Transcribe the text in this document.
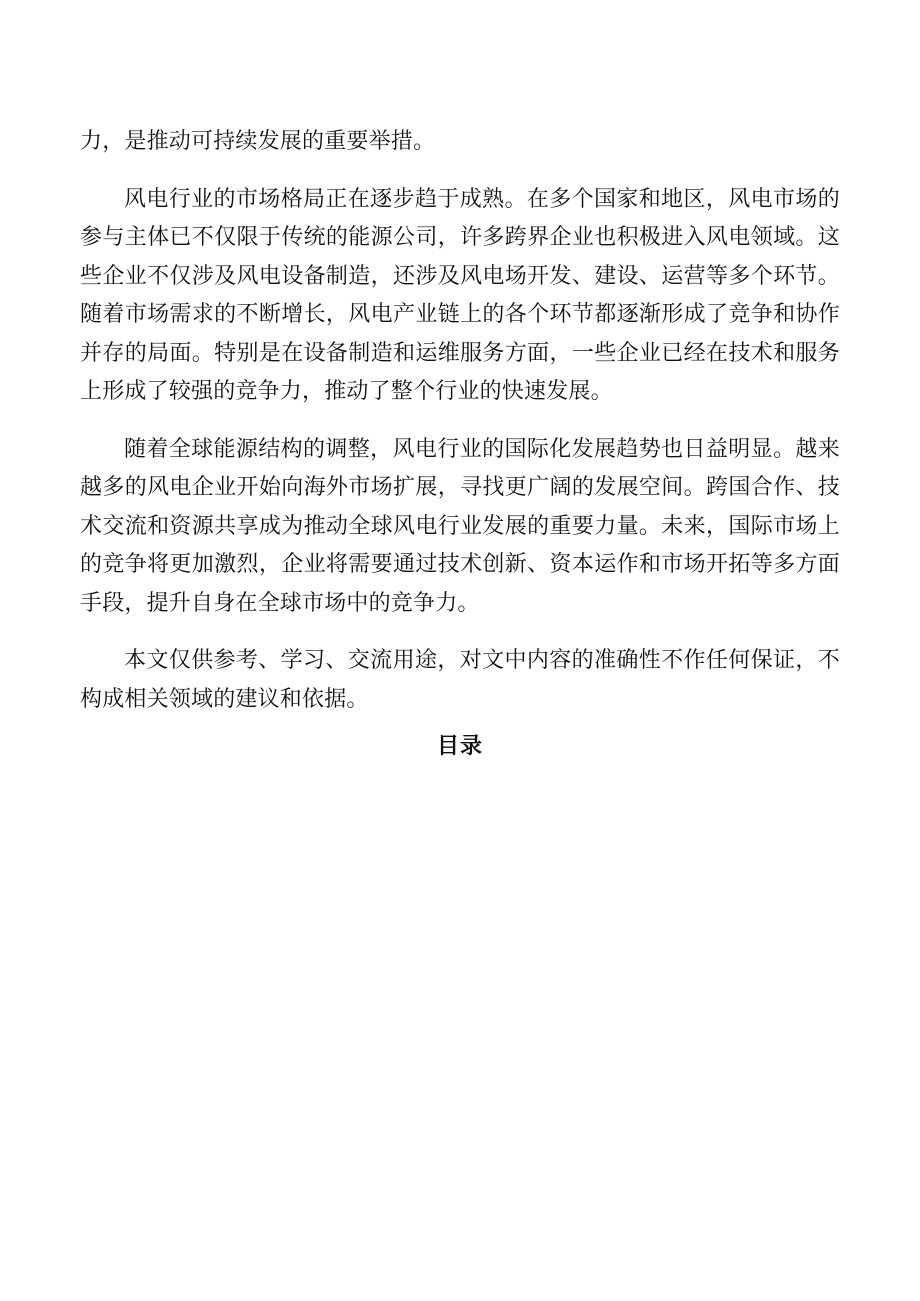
力，是推动可持续发展的重要举措。

风电行业的市场格局正在逐步趋于成熟。在多个国家和地区，风电市场的参与主体已不仅限于传统的能源公司，许多跨界企业也积极进入风电领域。这些企业不仅涉及风电设备制造，还涉及风电场开发、建设、运营等多个环节。随着市场需求的不断增长，风电产业链上的各个环节都逐渐形成了竞争和协作并存的局面。特别是在设备制造和运维服务方面，一些企业已经在技术和服务上形成了较强的竞争力，推动了整个行业的快速发展。

随着全球能源结构的调整，风电行业的国际化发展趋势也日益明显。越来越多的风电企业开始向海外市场扩展，寻找更广阔的发展空间。跨国合作、技术交流和资源共享成为推动全球风电行业发展的重要力量。未来，国际市场上的竞争将更加激烈，企业将需要通过技术创新、资本运作和市场开拓等多方面手段，提升自身在全球市场中的竞争力。

本文仅供参考、学习、交流用途，对文中内容的准确性不作任何保证，不构成相关领域的建议和依据。

目录
